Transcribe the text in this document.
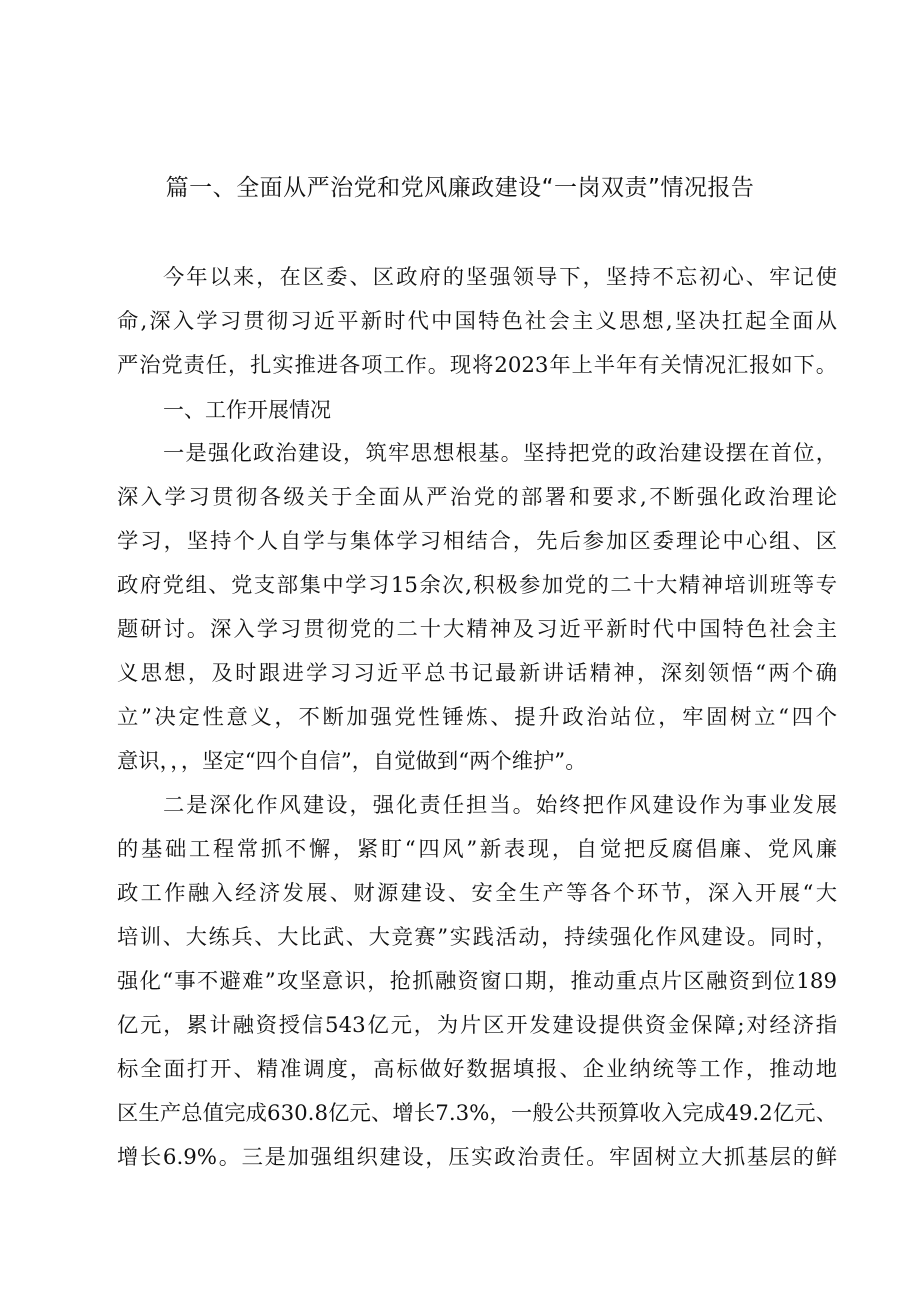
篇一、全面从严治党和党风廉政建设“一岗双责”情况报告
今年以来，在区委、区政府的坚强领导下，坚持不忘初心、牢记使
命,深入学习贯彻习近平新时代中国特色社会主义思想,坚决扛起全面从
严治党责任，扎实推进各项工作。现将2023年上半年有关情况汇报如下。
一、工作开展情况
一是强化政治建设，筑牢思想根基。坚持把党的政治建设摆在首位，
深入学习贯彻各级关于全面从严治党的部署和要求,不断强化政治理论
学习，坚持个人自学与集体学习相结合，先后参加区委理论中心组、区
政府党组、党支部集中学习15余次,积极参加党的二十大精神培训班等专
题研讨。深入学习贯彻党的二十大精神及习近平新时代中国特色社会主
义思想，及时跟进学习习近平总书记最新讲话精神，深刻领悟“两个确
立”决定性意义，不断加强党性锤炼、提升政治站位，牢固树立“四个
意识，，，坚定“四个自信”，自觉做到“两个维护”。
二是深化作风建设，强化责任担当。始终把作风建设作为事业发展
的基础工程常抓不懈，紧盯“四风”新表现，自觉把反腐倡廉、党风廉
政工作融入经济发展、财源建设、安全生产等各个环节，深入开展“大
培训、大练兵、大比武、大竞赛”实践活动，持续强化作风建设。同时，
强化“事不避难”攻坚意识，抢抓融资窗口期，推动重点片区融资到位189
亿元，累计融资授信543亿元，为片区开发建设提供资金保障;对经济指
标全面打开、精准调度，高标做好数据填报、企业纳统等工作，推动地
区生产总值完成630.8亿元、增长7.3%，一般公共预算收入完成49.2亿元、
增长6.9%。三是加强组织建设，压实政治责任。牢固树立大抓基层的鲜
